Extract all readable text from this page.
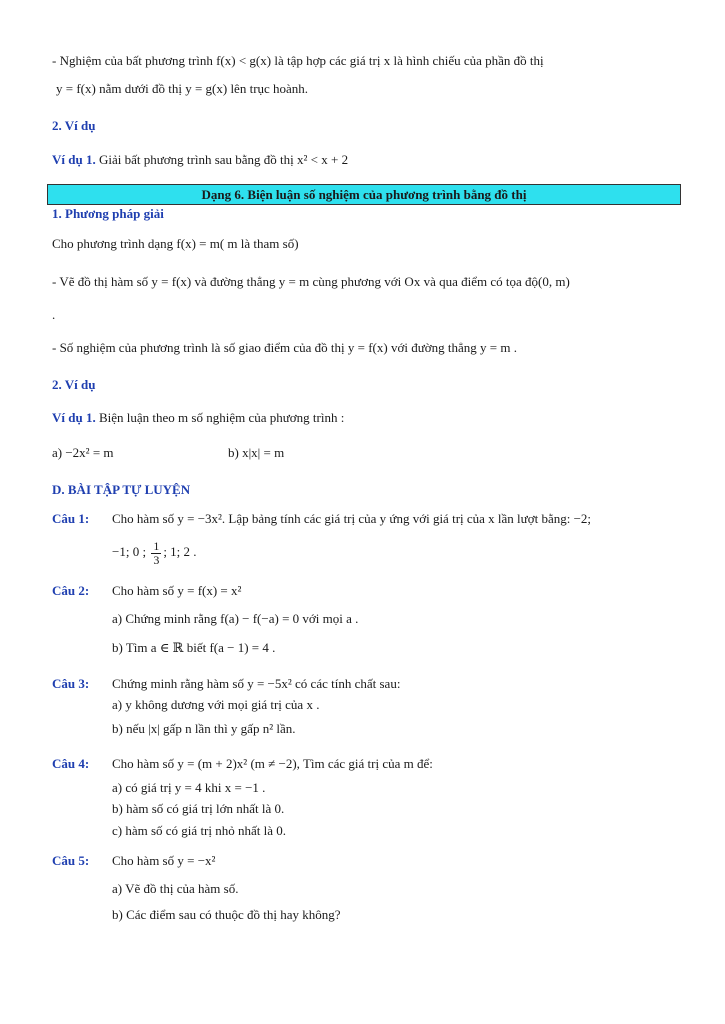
- Nghiệm của bất phương trình f(x) < g(x) là tập hợp các giá trị x là hình chiếu của phần đồ thị
y = f(x) nằm dưới đồ thị y = g(x) lên trục hoành.
2. Ví dụ
Ví dụ 1. Giải bất phương trình sau bằng đồ thị x² < x + 2
Dạng 6. Biện luận số nghiệm của phương trình bằng đồ thị
1. Phương pháp giải
Cho phương trình dạng f(x) = m( m là tham số)
- Vẽ đồ thị hàm số y = f(x) và đường thẳng y = m cùng phương với Ox và qua điểm có tọa độ(0, m)
.
- Số nghiệm của phương trình là số giao điểm của đồ thị y = f(x) với đường thẳng y = m .
2. Ví dụ
Ví dụ 1. Biện luận theo m số nghiệm của phương trình :
a) −2x² = m	b) x|x| = m
D. BÀI TẬP TỰ LUYỆN
Câu 1: Cho hàm số y = −3x². Lập bảng tính các giá trị của y ứng với giá trị của x lần lượt bằng: −2;
−1; 0 ; $\frac{1}{3}$ ; 1; 2 .
Câu 2: Cho hàm số y = f(x) = x²
a) Chứng minh rằng f(a) − f(−a) = 0 với mọi a .
b) Tìm a ∈ ℝ biết f(a − 1) = 4 .
Câu 3: Chứng minh rằng hàm số y = −5x² có các tính chất sau:
a) y không dương với mọi giá trị của x .
b) nếu |x| gấp n lần thì y gấp n² lần.
Câu 4: Cho hàm số y = (m + 2)x² (m ≠ −2), Tìm các giá trị của m để:
a) có giá trị y = 4 khi x = −1 .
b) hàm số có giá trị lớn nhất là 0.
c) hàm số có giá trị nhỏ nhất là 0.
Câu 5: Cho hàm số y = −x²
a) Vẽ đồ thị của hàm số.
b) Các điểm sau có thuộc đồ thị hay không?
